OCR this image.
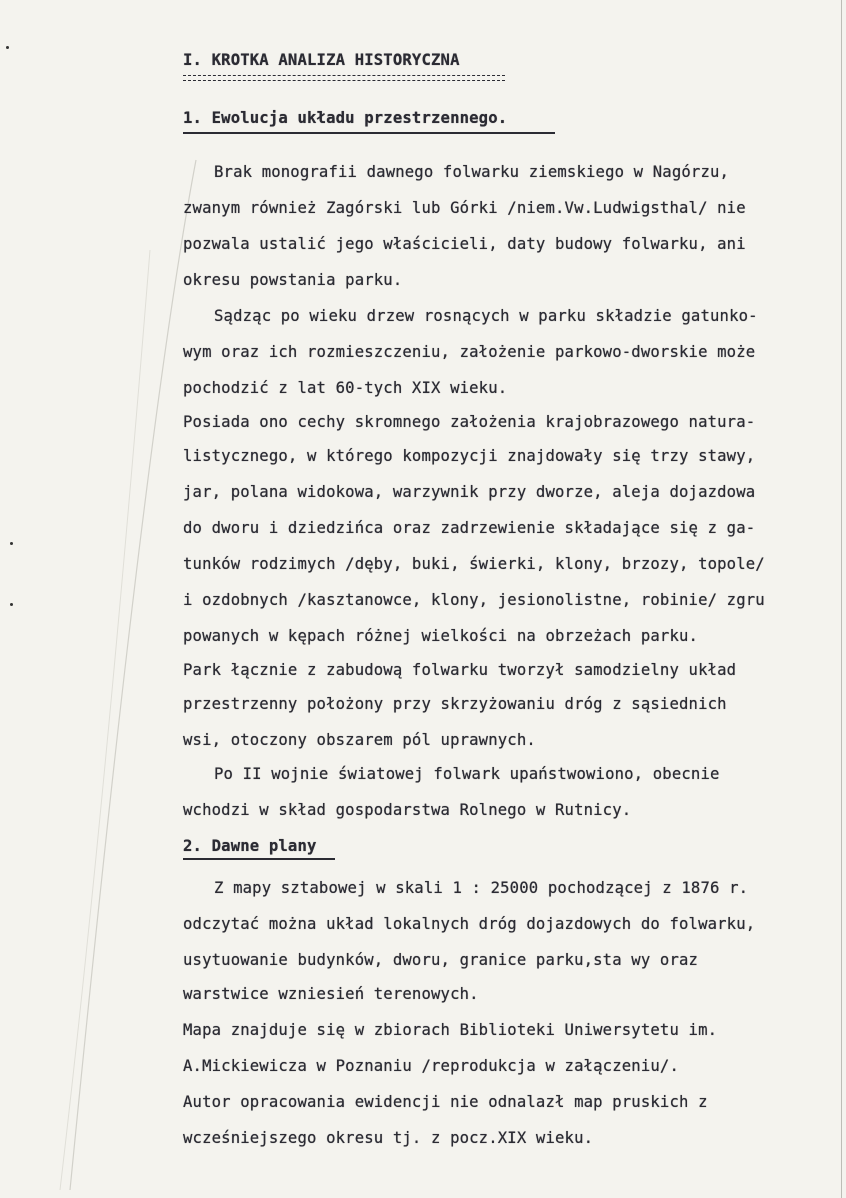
I. KROTKA ANALIZA HISTORYCZNA

1. Ewolucja układu przestrzennego.

Brak monografii dawnego folwarku ziemskiego w Nagórzu,

zwanym również Zagórski lub Górki /niem.Vw.Ludwigsthal/ nie

pozwala ustalić jego właścicieli, daty budowy folwarku, ani

okresu powstania parku.

Sądząc po wieku drzew rosnących w parku składzie gatunko-

wym oraz ich rozmieszczeniu, założenie parkowo-dworskie może

pochodzić z lat 60-tych XIX wieku.

Posiada ono cechy skromnego założenia krajobrazowego natura-

listycznego, w którego kompozycji znajdowały się trzy stawy,

jar, polana widokowa, warzywnik przy dworze, aleja dojazdowa

do dworu i dziedzińca oraz zadrzewienie składające się z ga-

tunków rodzimych /dęby, buki, świerki, klony, brzozy, topole/

i ozdobnych /kasztanowce, klony, jesionolistne, robinie/ zgru

powanych w kępach różnej wielkości na obrzeżach parku.

Park łącznie z zabudową folwarku tworzył samodzielny układ

przestrzenny położony przy skrzyżowaniu dróg z sąsiednich

wsi, otoczony obszarem pól uprawnych.

Po II wojnie światowej folwark upaństwowiono, obecnie

wchodzi w skład gospodarstwa Rolnego w Rutnicy.

2. Dawne plany

Z mapy sztabowej w skali 1 : 25000 pochodzącej z 1876 r.

odczytać można układ lokalnych dróg dojazdowych do folwarku,

usytuowanie budynków, dworu, granice parku,sta wy oraz

warstwice wzniesień terenowych.

Mapa znajduje się w zbiorach Biblioteki Uniwersytetu im.

A.Mickiewicza w Poznaniu /reprodukcja w załączeniu/.

Autor opracowania ewidencji nie odnalazł map pruskich z

wcześniejszego okresu tj. z pocz.XIX wieku.
